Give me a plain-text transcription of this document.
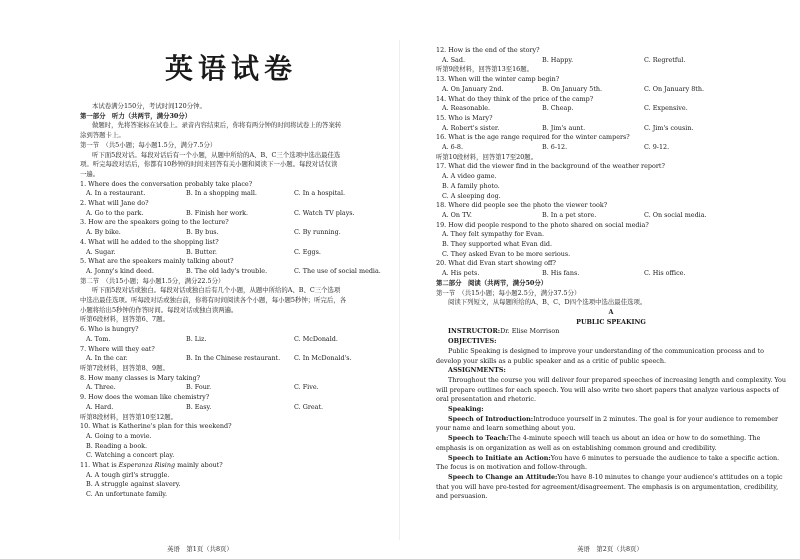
英语试卷
本试卷满分150分，考试时间120分钟。
第一部分　听力（共两节，满分30分）
做题时，先将答案标在试卷上。录音内容结束后，你将有两分钟的时间将试卷上的答案转
涂到答题卡上。
第一节　（共5小题；每小题1.5分，满分7.5分）
听下面5段对话。每段对话后有一个小题，从题中所给的A、B、C三个选项中选出最佳选
项。听完每段对话后，你都有10秒钟的时间来回答有关小题和阅读下一小题。每段对话仅读
一遍。
1. Where does the conversation probably take place?
A. In a restaurant.	B. In a shopping mall.	C. In a hospital.
2. What will Jane do?
A. Go to the park.	B. Finish her work.	C. Watch TV plays.
3. How are the speakers going to the lecture?
A. By bike.	B. By bus.	C. By running.
4. What will he added to the shopping list?
A. Sugar.	B. Butter.	C. Eggs.
5. What are the speakers mainly talking about?
A. Jonny's kind deed.	B. The old lady's trouble.	C. The use of social media.
第二节　（共15小题；每小题1.5分，满分22.5分）
听下面5段对话或独白。每段对话或独白后有几个小题，从题中所给的A、B、C三个选项
中选出最佳选项。听每段对话或独白前，你将有时间阅读各个小题，每小题5秒钟；听完后，各
小题将给出5秒钟的作答时间。每段对话或独白读两遍。
听第6段材料，回答第6、7题。
6. Who is hungry?
A. Tom.	B. Liz.	C. McDonald.
7. Where will they eat?
A. In the car.	B. In the Chinese restaurant.	C. In McDonald's.
听第7段材料，回答第8、9题。
8. How many classes is Mary taking?
A. Three.	B. Four.	C. Five.
9. How does the woman like chemistry?
A. Hard.	B. Easy.	C. Great.
听第8段材料，回答第10至12题。
10. What is Katherine's plan for this weekend?
A. Going to a movie.
B. Reading a book.
C. Watching a concert play.
11. What is Esperanza Rising mainly about?
A. A tough girl's struggle.
B. A struggle against slavery.
C. An unfortunate family.
英语　第1页（共8页）
12. How is the end of the story?
A. Sad.	B. Happy.	C. Regretful.
听第9段材料，回答第13至16题。
13. When will the winter camp begin?
A. On January 2nd.	B. On January 5th.	C. On January 8th.
14. What do they think of the price of the camp?
A. Reasonable.	B. Cheap.	C. Expensive.
15. Who is Mary?
A. Robert's sister.	B. Jim's aunt.	C. Jim's cousin.
16. What is the age range required for the winter campers?
A. 6-8.	B. 6-12.	C. 9-12.
听第10段材料，回答第17至20题。
17. What did the viewer find in the background of the weather report?
A. A video game.
B. A family photo.
C. A sleeping dog.
18. Where did people see the photo the viewer took?
A. On TV.	B. In a pet store.	C. On social media.
19. How did people respond to the photo shared on social media?
A. They felt sympathy for Evan.
B. They supported what Evan did.
C. They asked Evan to be more serious.
20. What did Evan start showing off?
A. His pets.	B. His fans.	C. His office.
第二部分　阅读（共两节，满分50分）
第一节　（共15小题；每小题2.5分，满分37.5分）
阅读下列短文，从每题所给的A、B、C、D四个选项中选出最佳选项。
A
PUBLIC SPEAKING
INSTRUCTOR:Dr. Elise Morrison
OBJECTIVES:
Public Speaking is designed to improve your understanding of the communication process and to develop your skills as a public speaker and as a critic of public speech.
ASSIGNMENTS:
Throughout the course you will deliver four prepared speeches of increasing length and complexity. You will prepare outlines for each speech. You will also write two short papers that analyze various aspects of oral presentation and rhetoric.
Speaking:
Speech of Introduction:Introduce yourself in 2 minutes. The goal is for your audience to remember your name and learn something about you.
Speech to Teach:The 4-minute speech will teach us about an idea or how to do something. The emphasis is on organization as well as on establishing common ground and credibility.
Speech to Initiate an Action:You have 6 minutes to persuade the audience to take a specific action. The focus is on motivation and follow-through.
Speech to Change an Attitude:You have 8-10 minutes to change your audience's attitudes on a topic that you will have pre-tested for agreement/disagreement. The emphasis is on argumentation, credibility, and persuasion.
英语　第2页（共8页）
